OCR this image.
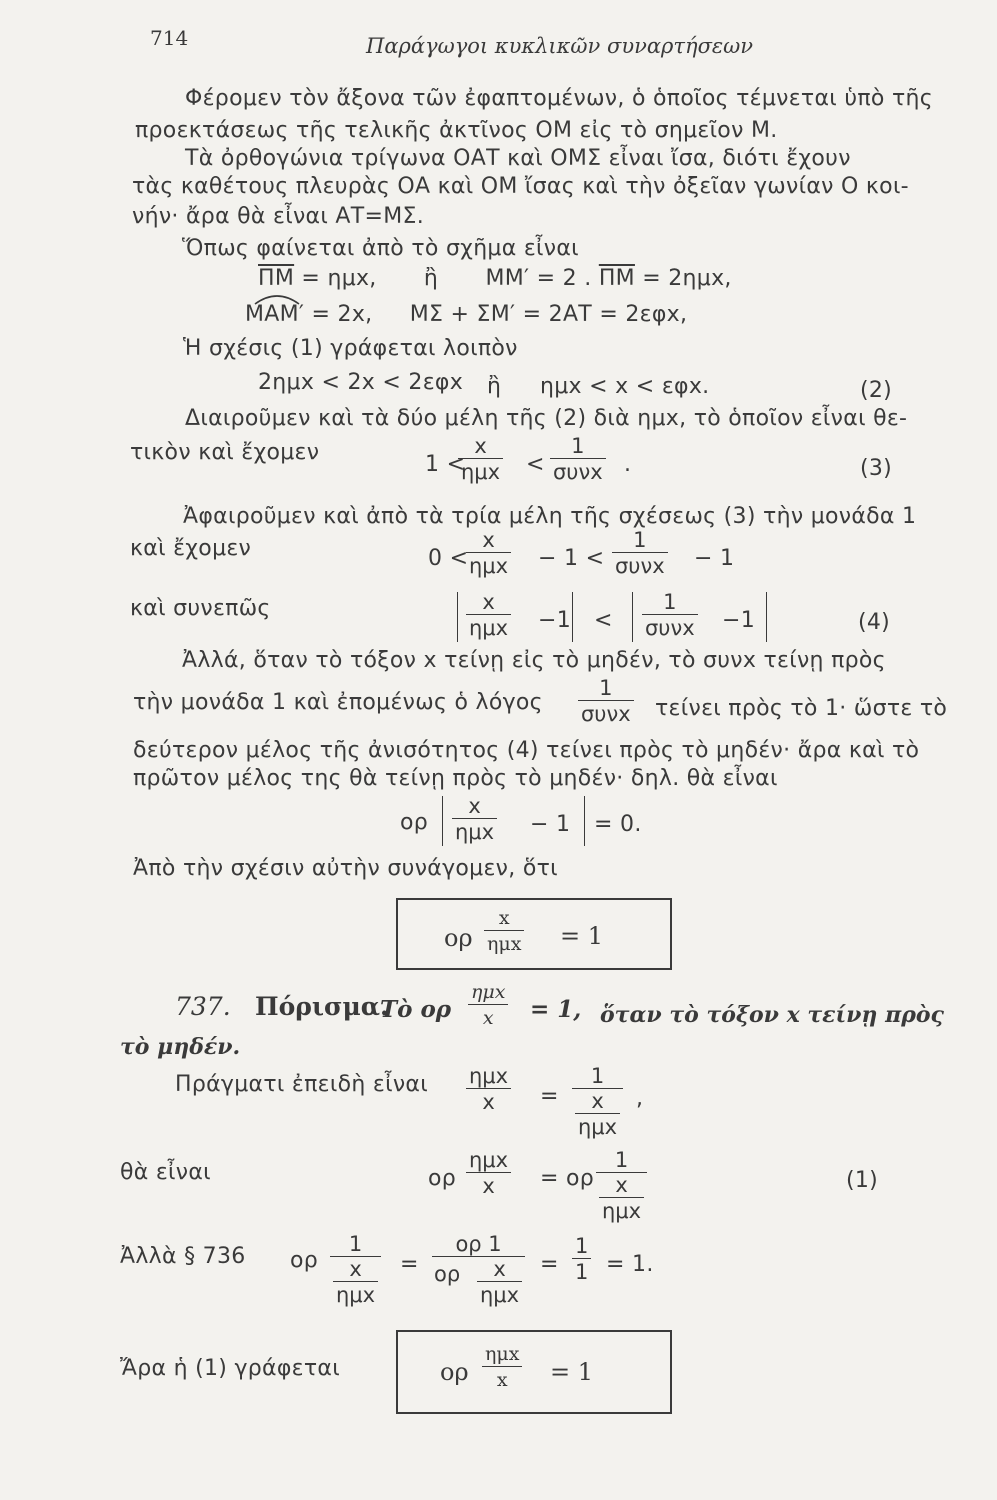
714	Παράγωγοι κυκλικῶν συναρτήσεων
Φέρομεν τὸν ἄξονα τῶν ἐφαπτομένων, ὁ ὁποῖος τέμνεται ὑπὸ τῆς
προεκτάσεως τῆς τελικῆς ἀκτῖνος ΟΜ εἰς τὸ σημεῖον Μ.
Τὰ ὀρθογώνια τρίγωνα ΟΑΤ καὶ ΟΜΣ εἶναι ἴσα, διότι ἔχουν
τὰς καθέτους πλευρὰς ΟΑ καὶ ΟΜ ἴσας καὶ τὴν ὀξεῖαν γωνίαν Ο κοι-
νήν· ἄρα θὰ εἶναι ΑΤ=ΜΣ.
Ὅπως φαίνεται ἀπὸ τὸ σχῆμα εἶναι
$\overline{\Pi M} = \eta\mu x$, ἢ ΜΜ′ = 2 . $\overline{\Pi M} = 2\eta\mu x$,
ΜΑΜ′ = 2x, ΜΣ + ΣΜ′ = 2ΑΤ = 2εφx,
Ἡ σχέσις (1) γράφεται λοιπὸν
2ημx < 2x < 2εφx ἢ ημx < x < εφx.	(2)
Διαιροῦμεν καὶ τὰ δύο μέλη τῆς (2) διὰ ημx, τὸ ὁποῖον εἶναι θε-
τικὸν καὶ ἔχομεν	1 <
x
ημx <
1
συνx .	(3)
Ἀφαιροῦμεν καὶ ἀπὸ τὰ τρία μέλη τῆς σχέσεως (3) τὴν μονάδα 1
καὶ ἔχομεν	0 <
x
ημx − 1 <
1
συνx − 1
καὶ συνεπῶς	x
ημx −1 <
1
συνx −1	(4)
Ἀλλά, ὅταν τὸ τόξον x τείνῃ εἰς τὸ μηδέν, τὸ συνx τείνῃ πρὸς
τὴν μονάδα 1 καὶ ἐπομένως ὁ λόγος
1
συνx τείνει πρὸς τὸ 1· ὥστε τὸ
δεύτερον μέλος τῆς ἀνισότητος (4) τείνει πρὸς τὸ μηδέν· ἄρα καὶ τὸ
πρῶτον μέλος της θὰ τείνῃ πρὸς τὸ μηδέν· δηλ. θὰ εἶναι
ορ
x
ημx − 1 = 0.
Ἀπὸ τὴν σχέσιν αὐτὴν συνάγομεν, ὅτι
ορ
x
ημx = 1
737. Πόρισμα.
Τὸ ορ
ημx
x	= 1, ὅταν τὸ τόξον x τείνῃ πρὸς
τὸ μηδέν.
Πράγματι ἐπειδὴ εἶναι ημx
x	=
1
x
ημx
,
θὰ εἶναι	ορ
ημx
x	= ορ
1
x
ημx
(1)
Ἀλλὰ § 736 ορ
1
x
ημx
=
ορ 1
ορ $\frac{x}{\text{ημx}} = \frac{1}{1} = 1$.
Ἄρα ἡ (1) γράφεται	ορ
ημx
x	= 1
